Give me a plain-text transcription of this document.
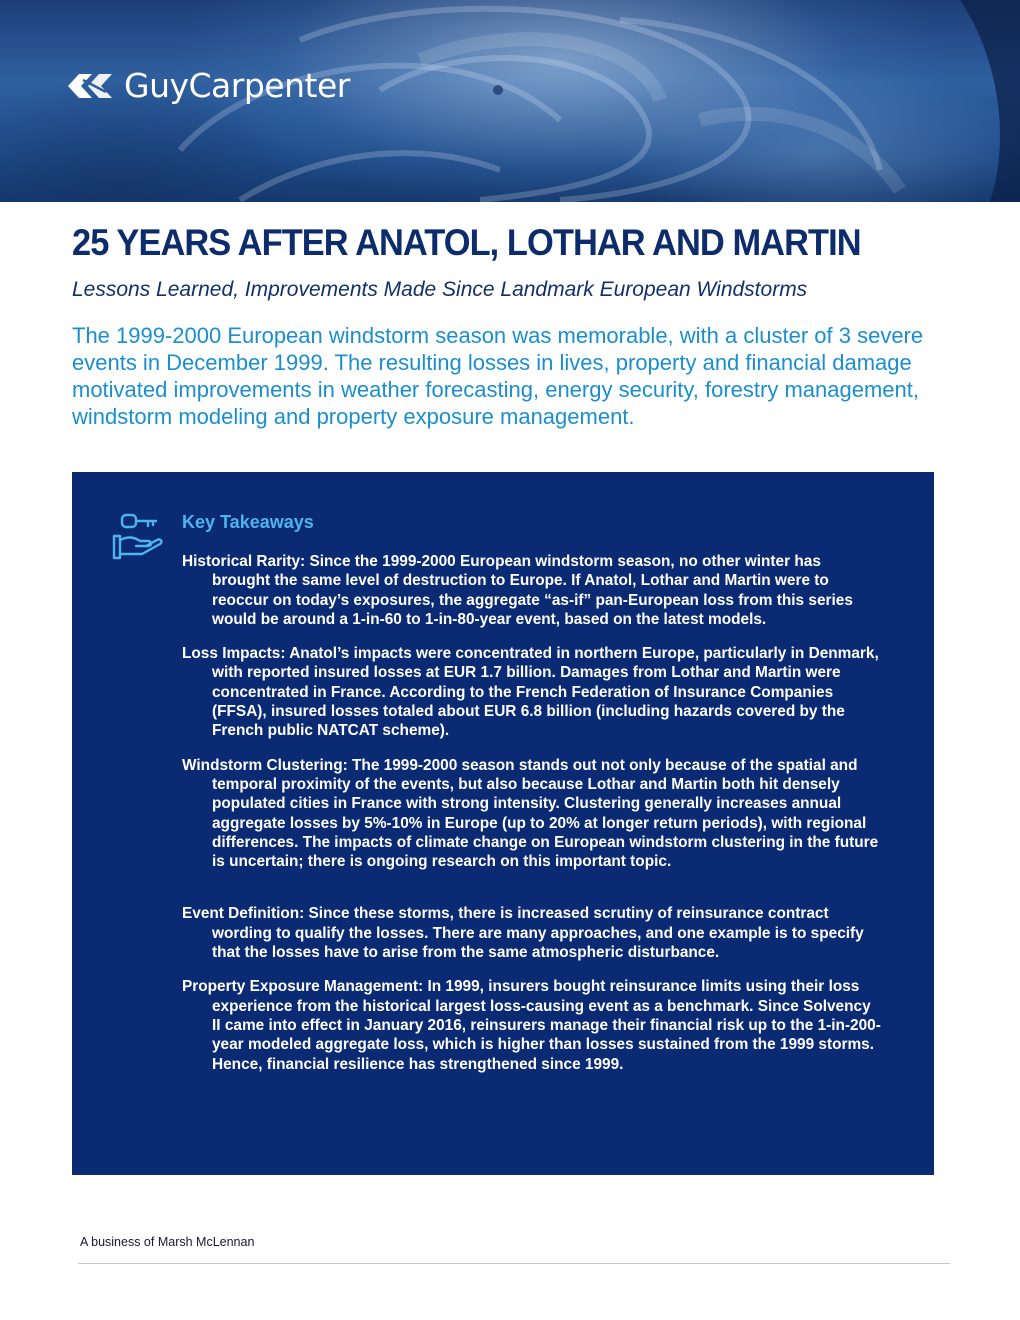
GuyCarpenter
25 YEARS AFTER ANATOL, LOTHAR AND MARTIN

Lessons Learned, Improvements Made Since Landmark European Windstorms

The 1999-2000 European windstorm season was memorable, with a cluster of 3 severe events in December 1999. The resulting losses in lives, property and financial damage motivated improvements in weather forecasting, energy security, forestry management, windstorm modeling and property exposure management.

Key Takeaways

Historical Rarity: Since the 1999-2000 European windstorm season, no other winter has brought the same level of destruction to Europe. If Anatol, Lothar and Martin were to reoccur on today’s exposures, the aggregate “as-if” pan-European loss from this series would be around a 1-in-60 to 1-in-80-year event, based on the latest models.

Loss Impacts: Anatol’s impacts were concentrated in northern Europe, particularly in Denmark, with reported insured losses at EUR 1.7 billion. Damages from Lothar and Martin were concentrated in France. According to the French Federation of Insurance Companies (FFSA), insured losses totaled about EUR 6.8 billion (including hazards covered by the French public NATCAT scheme).

Windstorm Clustering: The 1999-2000 season stands out not only because of the spatial and temporal proximity of the events, but also because Lothar and Martin both hit densely populated cities in France with strong intensity. Clustering generally increases annual aggregate losses by 5%-10% in Europe (up to 20% at longer return periods), with regional differences. The impacts of climate change on European windstorm clustering in the future is uncertain; there is ongoing research on this important topic.

Event Definition: Since these storms, there is increased scrutiny of reinsurance contract wording to qualify the losses. There are many approaches, and one example is to specify that the losses have to arise from the same atmospheric disturbance.

Property Exposure Management: In 1999, insurers bought reinsurance limits using their loss experience from the historical largest loss-causing event as a benchmark. Since Solvency II came into effect in January 2016, reinsurers manage their financial risk up to the 1-in-200-year modeled aggregate loss, which is higher than losses sustained from the 1999 storms. Hence, financial resilience has strengthened since 1999.

A business of Marsh McLennan
